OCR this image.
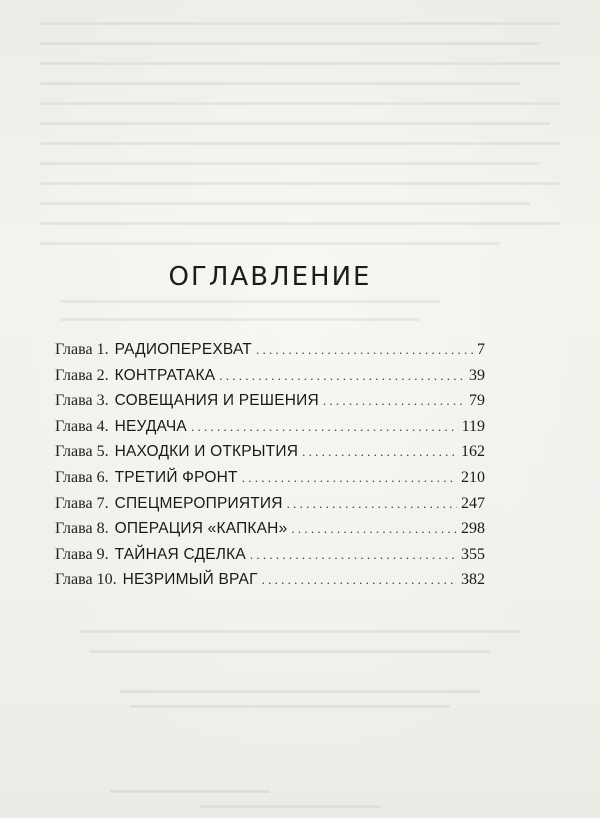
ОГЛАВЛЕНИЕ
Глава 1. РАДИОПЕРЕХВАТ . . .	7
Глава 2. КОНТРАТАКА . . .	39
Глава 3. СОВЕЩАНИЯ И РЕШЕНИЯ . . .	79
Глава 4. НЕУДАЧА . . .	119
Глава 5. НАХОДКИ И ОТКРЫТИЯ . . .	162
Глава 6. ТРЕТИЙ ФРОНТ . . .	210
Глава 7. СПЕЦМЕРОПРИЯТИЯ . . .	247
Глава 8. ОПЕРАЦИЯ «КАПКАН» . . .	298
Глава 9. ТАЙНАЯ СДЕЛКА . . .	355
Глава 10. НЕЗРИМЫЙ ВРАГ . . .	382
